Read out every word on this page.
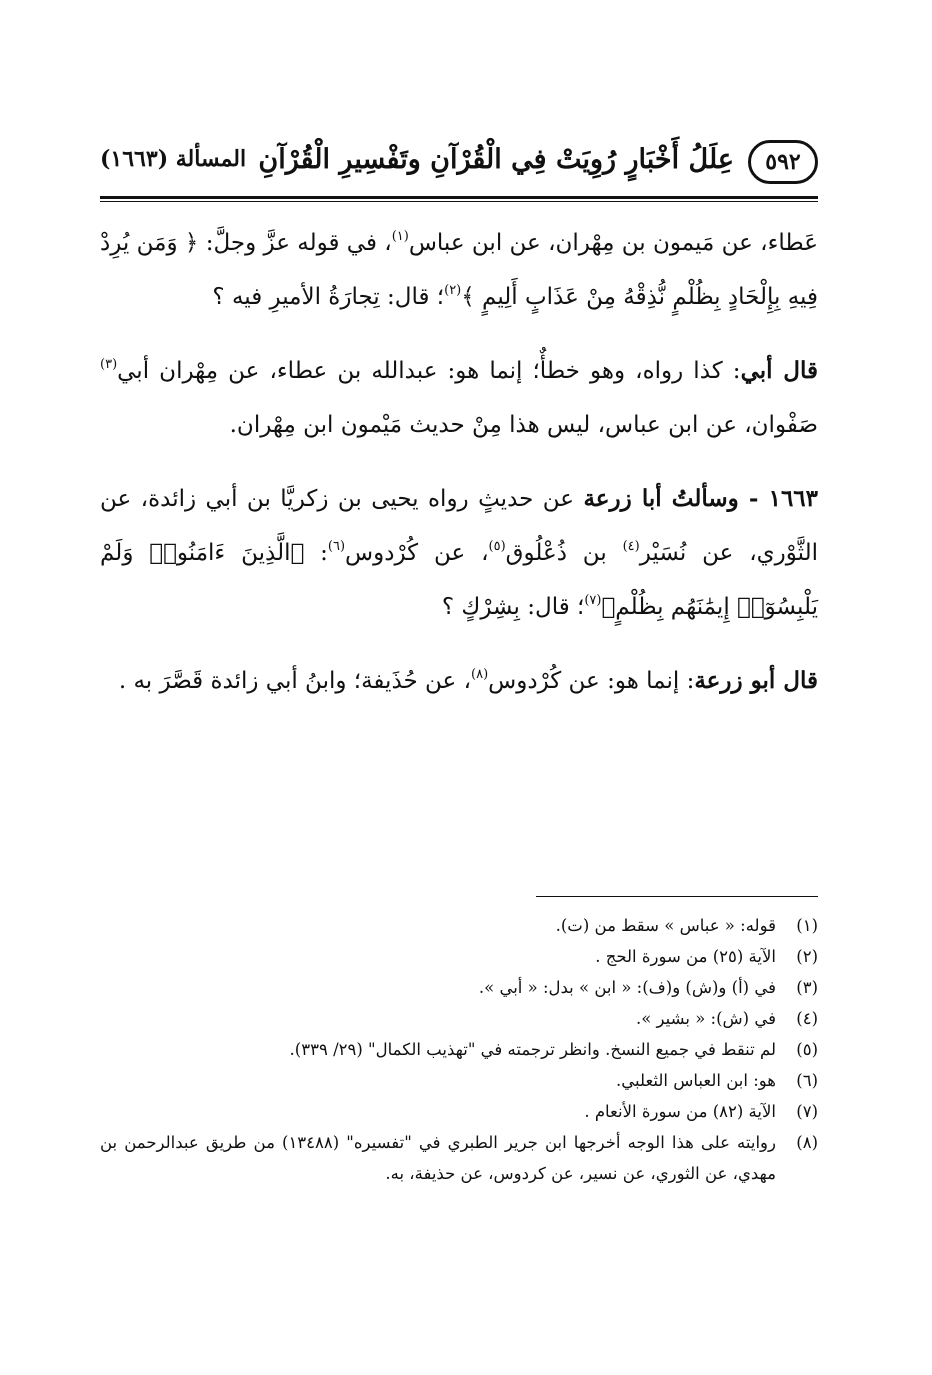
٥٩٢
عِلَلُ أَخْبَارٍ رُوِيَتْ فِي الْقُرْآنِ وتَفْسِيرِ الْقُرْآنِ
المسألة (١٦٦٣)

عَطاء، عن مَيمون بن مِهْران، عن ابن عباس$^{(١)}$، في قوله عزَّ وجلَّ: ﴿ وَمَن يُرِدْ فِيهِ بِإِلْحَادٍ بِظُلْمٍ نُّذِقْهُ مِنْ عَذَابٍ أَلِيمٍ ﴾$^{(٢)}$؛ قال: تِجارَةُ الأميرِ فيه ؟

قال أبي: كذا رواه، وهو خطأٌ؛ إنما هو: عبدالله بن عطاء، عن مِهْران أبي$^{(٣)}$ صَفْوان، عن ابن عباس، ليس هذا مِنْ حديث مَيْمون ابن مِهْران.

١٦٦٣ - وسألتُ أبا زرعة عن حديثٍ رواه يحيى بن زكريَّا بن أبي زائدة، عن الثَّوْري، عن نُسَيْر$^{(٤)}$ بن ذُعْلُوق$^{(٥)}$، عن كُرْدوس$^{(٦)}$: ﴿الَّذِينَ ءَامَنُوا۟ وَلَمْ يَلْبِسُوٓا۟ إِيمَٰنَهُم بِظُلْمٍ﴾$^{(٧)}$؛ قال: بِشِرْكٍ ؟

قال أبو زرعة: إنما هو: عن كُرْدوس$^{(٨)}$، عن حُذَيفة؛ وابنُ أبي زائدة قَصَّرَ به .

(١)
قوله: « عباس » سقط من (ت).
(٢)
الآية (٢٥) من سورة الحج .
(٣)
في (أ) و(ش) و(ف): « ابن » بدل: « أبي ».
(٤)
في (ش): « بشير ».
(٥)
لم تنقط في جميع النسخ. وانظر ترجمته في "تهذيب الكمال" (٢٩/ ٣٣٩).
(٦)
هو: ابن العباس الثعلبي.
(٧)
الآية (٨٢) من سورة الأنعام .
(٨)
روايته على هذا الوجه أخرجها ابن جرير الطبري في "تفسيره" (١٣٤٨٨) من طريق عبدالرحمن بن مهدي، عن الثوري، عن نسير، عن كردوس، عن حذيفة، به.
